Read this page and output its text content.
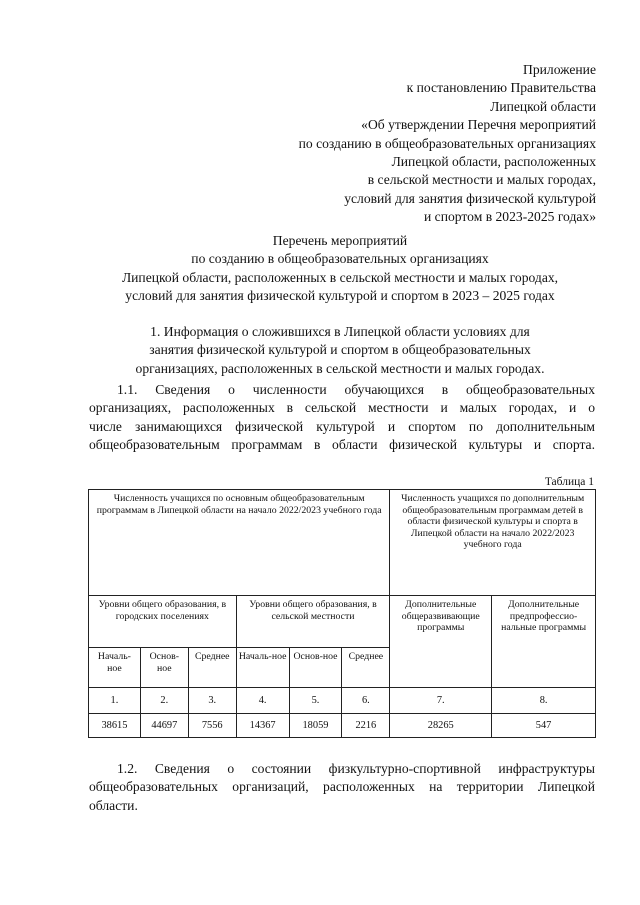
Приложение
к постановлению Правительства
Липецкой области
«Об утверждении Перечня мероприятий
по созданию в общеобразовательных организациях
Липецкой области, расположенных
в сельской местности и малых городах,
условий для занятия физической культурой
и спортом в 2023-2025 годах»
Перечень мероприятий
по созданию в общеобразовательных организациях
Липецкой области, расположенных в сельской местности и малых городах,
условий для занятия физической культурой и спортом в 2023 – 2025 годах
1. Информация о сложившихся в Липецкой области условиях для
занятия физической культурой и спортом в общеобразовательных
организациях, расположенных в сельской местности и малых городах.
1.1. Сведения о численности обучающихся в общеобразовательных
организациях, расположенных в сельской местности и малых городах, и о
числе занимающихся физической культурой и спортом по дополнительным
общеобразовательным программам в области физической культуры и спорта.
Таблица 1
Численность учащихся по основным общеобразовательным программам в Липецкой области на начало 2022/2023 учебного года						Численность учащихся по дополнительным общеобразовательным программам детей в области физической культуры и спорта в Липецкой области на начало 2022/2023 учебного года	
Уровни общего образования, в городских поселениях			Уровни общего образования, в сельской местности			Дополнительные общеразвивающие программы	Дополнительные предпрофессио-нальные программы
Началь-ное	Основ-ное	Среднее	Началь-ное	Основ-ное	Среднее		
1.	2.	3.	4.	5.	6.	7.	8.
38615	44697	7556	14367	18059	2216	28265	547
1.2. Сведения о состоянии физкультурно-спортивной инфраструктуры
общеобразовательных организаций, расположенных на территории Липецкой
области.
